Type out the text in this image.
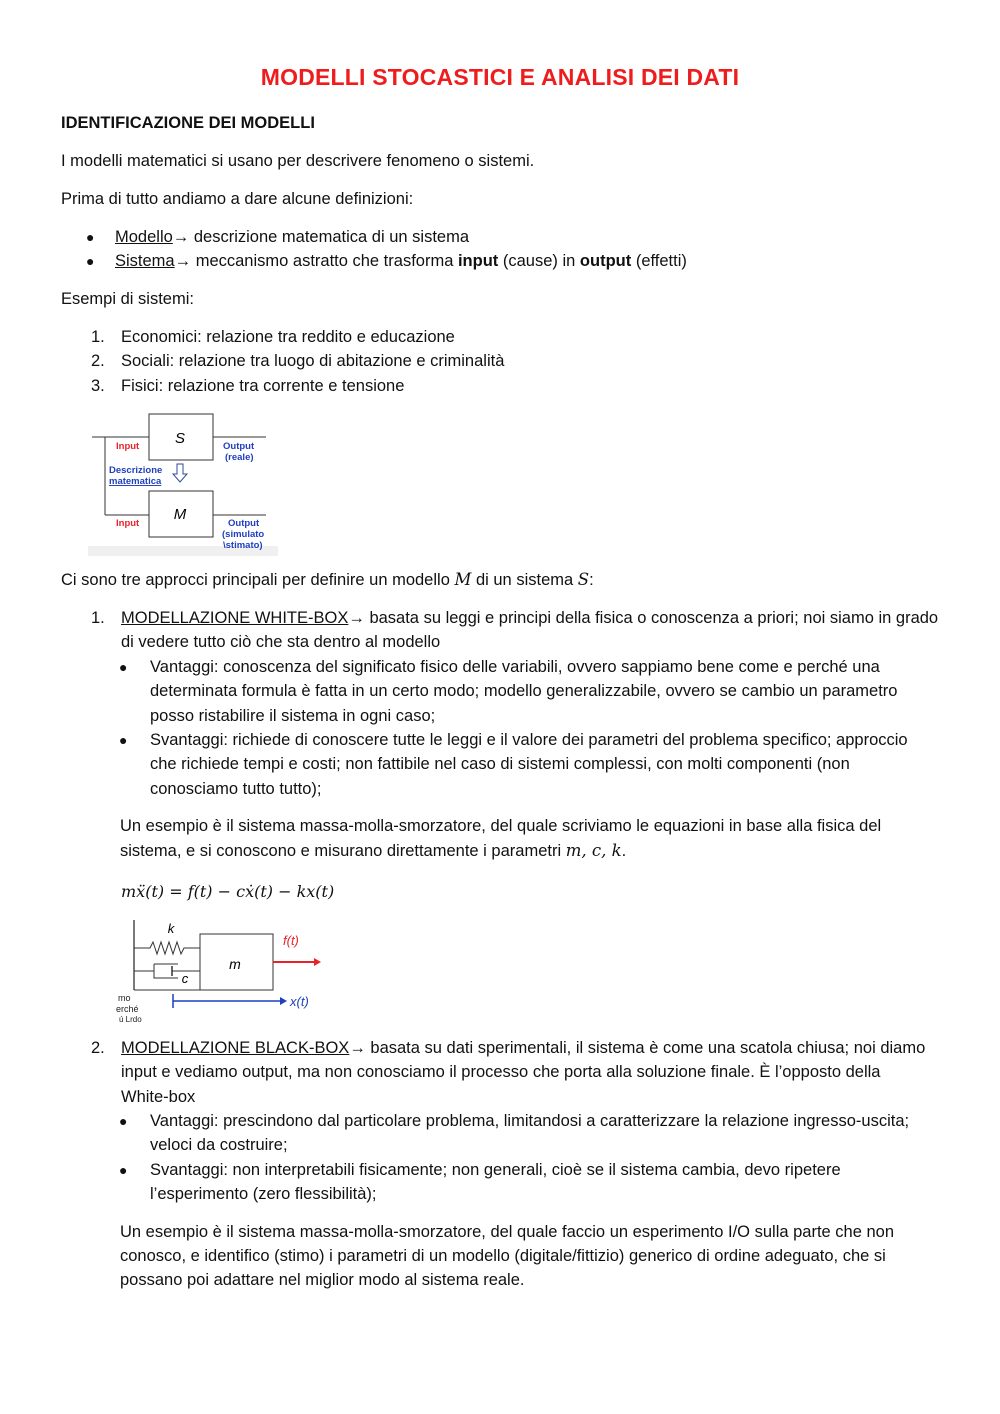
MODELLI STOCASTICI E ANALISI DEI DATI
IDENTIFICAZIONE DEI MODELLI
I modelli matematici si usano per descrivere fenomeno o sistemi.
Prima di tutto andiamo a dare alcune definizioni:
● Modello→ descrizione matematica di un sistema
● Sistema→ meccanismo astratto che trasforma input (cause) in output (effetti)
Esempi di sistemi:
1. Economici: relazione tra reddito e educazione
2. Sociali: relazione tra luogo di abitazione e criminalità
3. Fisici: relazione tra corrente e tensione
S
Input	Output
(reale)
Descrizione
matematica
M
Input	Output
(simulato
\stimato)
Ci sono tre approcci principali per definire un modello M di un sistema S:
1. MODELLAZIONE WHITE-BOX→ basata su leggi e principi della fisica o conoscenza a priori; noi siamo in grado
di vedere tutto ciò che sta dentro al modello
● Vantaggi: conoscenza del significato fisico delle variabili, ovvero sappiamo bene come e perché una
determinata formula è fatta in un certo modo; modello generalizzabile, ovvero se cambio un parametro
posso ristabilire il sistema in ogni caso;
● Svantaggi: richiede di conoscere tutte le leggi e il valore dei parametri del problema specifico; approccio
che richiede tempi e costi; non fattibile nel caso di sistemi complessi, con molti componenti (non
conosciamo tutto tutto);
Un esempio è il sistema massa-molla-smorzatore, del quale scriviamo le equazioni in base alla fisica del
sistema, e si conoscono e misurano direttamente i parametri m, c, k.
mẍ(t) = f(t) − cẋ(t) − kx(t)
k
c
m
f(t)
x(t)
mo
erché
ú Lrdo
2. MODELLAZIONE BLACK-BOX→ basata su dati sperimentali, il sistema è come una scatola chiusa; noi diamo
input e vediamo output, ma non conosciamo il processo che porta alla soluzione finale. È l’opposto della
White-box
● Vantaggi: prescindono dal particolare problema, limitandosi a caratterizzare la relazione ingresso-uscita;
veloci da costruire;
● Svantaggi: non interpretabili fisicamente; non generali, cioè se il sistema cambia, devo ripetere
l’esperimento (zero flessibilità);
Un esempio è il sistema massa-molla-smorzatore, del quale faccio un esperimento I/O sulla parte che non
conosco, e identifico (stimo) i parametri di un modello (digitale/fittizio) generico di ordine adeguato, che si
possano poi adattare nel miglior modo al sistema reale.
